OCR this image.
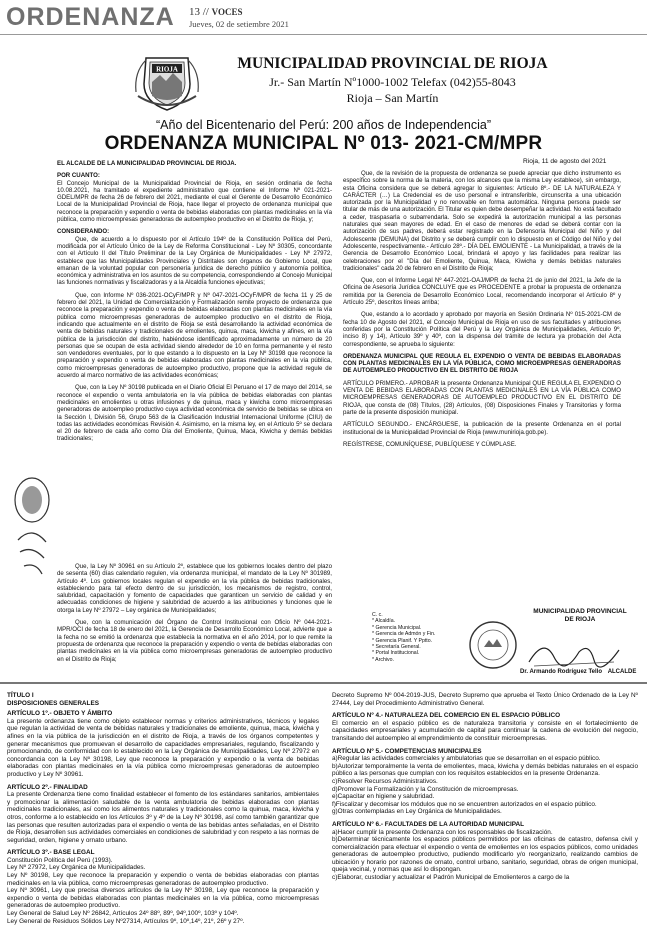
ORDENANZA 13 // VOCES
Jueves, 02 de setiembre 2021
RIOJA	MUNICIPALIDAD PROVINCIAL DE RIOJA
Jr.- San Martín Nº1000-1002 Telefax (042)55-8043
Rioja – San Martín
“Año del Bicentenario del Perú: 200 años de Independencia”
ORDENANZA MUNICIPAL Nº 013- 2021-CM/MPR
Rioja, 11 de agosto del 2021

EL ALCALDE DE LA MUNICIPALIDAD PROVINCIAL DE RIOJA.

POR CUANTO:

El Concejo Municipal de la Municipalidad Provincial de Rioja, en sesión ordinaria de fecha 10.08.2021, ha tramitado el expediente administrativo que contiene el Informe Nº 021-2021-GDEL/MPR de fecha 26 de febrero del 2021, mediante el cual el Gerente de Desarrollo Económico Local de la Municipalidad Provincial de Rioja, hace llegar el proyecto de ordenanza municipal que reconoce la preparación y expendio o venta de bebidas elaboradas con plantas medicinales en la vía pública, como microempresas generadoras de autoempleo productivo en el Distrito de Rioja, y;

CONSIDERANDO:

Que, de acuerdo a lo dispuesto por el Artículo 194º de la Constitución Política del Perú, modificada por el Artículo Único de la Ley de Reforma Constitucional - Ley Nº 30305, concordante con el Artículo II del Título Preliminar de la Ley Orgánica de Municipalidades - Ley Nº 27972, establece que las Municipalidades Provinciales y Distritales son órganos de Gobierno Local, que emanan de la voluntad popular con personería jurídica de derecho público y autonomía política, económica y administrativa en los asuntos de su competencia, correspondiendo al Concejo Municipal las funciones normativas y fiscalizadoras y a la Alcaldía funciones ejecutivas;

Que, con Informe Nº 036-2021-OCyF/MPR y Nº 047-2021-OCyF/MPR de fecha 11 y 25 de febrero del 2021, la Unidad de Comercialización y Formalización remite proyecto de ordenanza que reconoce la preparación y expendio o venta de bebidas elaboradas con plantas medicinales en la vía pública como microempresas generadoras de autoempleo productivo en el distrito de Rioja, indicando que actualmente en el distrito de Rioja se está desarrollando la actividad económica de venta de bebidas naturales y tradicionales de emolientes, quinua, maca, kiwicha y afines, en la vía pública de la jurisdicción del distrito, habiéndose identificado aproximadamente un número de 20 personas que se ocupan de esta actividad siendo alrededor de 10 en forma permanente y el resto son vendedores eventuales, por lo que estando a lo dispuesto en la Ley Nº 30198 que reconoce la preparación y expendio o venta de bebidas elaboradas con plantas medicinales en la vía pública, como microempresas generadoras de autoempleo productivo, propone que la actividad regule de acuerdo al marco normativo de las actividades económicas;

Que, con la Ley Nº 30198 publicada en el Diario Oficial El Peruano el 17 de mayo del 2014, se reconoce el expendio o venta ambulatoria en la vía pública de bebidas elaboradas con plantas medicinales en emolientes u otras infusiones y de quinua, maca y kiwicha como microempresas generadoras de autoempleo productivo cuya actividad económica de servicio de bebidas se ubica en la Sección I, División 56, Grupo 563 de la Clasificación Industrial Internacional Uniforme (CIIU) de todas las actividades económicas Revisión 4. Asimismo, en la misma ley, en el Artículo 5º se declara el 20 de febrero de cada año como Día del Emoliente, Quinua, Maca, Kiwicha y demás bebidas tradicionales;

Que, la Ley Nº 30961 en su Artículo 2º, establece que los gobiernos locales dentro del plazo de sesenta (60) días calendario regulen, vía ordenanza municipal, el mandato de la Ley Nº 301989, Artículo 4º. Los gobiernos locales regulan el expendio en la vía pública de bebidas tradicionales, estableciendo para tal efecto dentro de su jurisdicción, los mecanismos de registro, control, salubridad, capacitación y fomento de capacidades que garanticen un servicio de calidad y en adecuadas condiciones de higiene y salubridad de acuerdo a las atribuciones y funciones que le otorga la Ley Nº 27972 – Ley orgánica de Municipalidades;

Que, con la comunicación del Órgano de Control Institucional con Oficio Nº 044-2021-MPR/OCI de fecha 18 de enero del 2021, la Gerencia de Desarrollo Económico Local, advierte que a la fecha no se emitió la ordenanza que establecía la normativa en el año 2014, por lo que remite la propuesta de ordenanza que reconoce la preparación y expendio o venta de bebidas elaboradas con plantas medicinales en la vía pública como microempresas generadoras de autoempleo productivo en el Distrito de Rioja;

Que, de la revisión de la propuesta de ordenanza se puede apreciar que dicho instrumento es específico sobre la norma de la materia, con los alcances que la misma Ley establece), sin embargo, esta Oficina considera que se deberá agregar lo siguientes: Artículo 8º.- DE LA NATURALEZA Y CARÁCTER (…) La Credencial es de uso personal e intransferible, circunscrita a una ubicación autorizada por la Municipalidad y no renovable en forma automática. Ninguna persona puede ser titular de más de una autorización. El Titular es quien debe desempeñar la actividad. No está facultado a ceder, traspasarla o subarrendarla. Solo se expedirá la autorización municipal a las personas naturales que sean mayores de edad. En el caso de menores de edad se deberá contar con la autorización de sus padres, deberá estar registrado en la Defensoría Municipal del Niño y del Adolescente (DEMUNA) del Distrito y se deberá cumplir con lo dispuesto en el Código del Niño y del Adolescente, respectivamente.- Artículo 28º.- DÍA DEL EMOLIENTE - La Municipalidad, a través de la Gerencia de Desarrollo Económico Local, brindará el apoyo y las facilidades para realizar las celebraciones por el "Día del Emoliente, Quinua, Maca, Kiwicha y demás bebidas naturales tradicionales" cada 20 de febrero en el Distrito de Rioja;

Que, con el Informe Legal Nº 447-2021-OAJ/MPR de fecha 21 de junio del 2021, la Jefe de la Oficina de Asesoría Jurídica CONCLUYE que es PROCEDENTE a probar la propuesta de ordenanza remitida por la Gerencia de Desarrollo Económico Local, recomendando incorporar el Artículo 8º y Artículo 25º, descritos líneas arriba;

Que, estando a lo acordado y aprobado por mayoría en Sesión Ordinaria Nº 015-2021-CM de fecha 10 de Agosto del 2021, el Concejo Municipal de Rioja en uso de sus facultades y atribuciones conferidas por la Constitución Política del Perú y la Ley Orgánica de Municipalidades, Artículo 9º, inciso 8) y 14), Artículo 39º y 40º, con la dispensa del trámite de lectura ya probación del Acta correspondiente, se aprueba lo siguiente:

ORDENANZA MUNICIPAL QUE REGULA EL EXPENDIO O VENTA DE BEBIDAS ELABORADAS CON PLANTAS MEDICINALES EN LA VÍA PÚBLICA, COMO MICROEMPRESAS GENERADORAS DE AUTOEMPLEO PRODUCTIVO EN EL DISTRITO DE RIOJA

ARTÍCULO PRIMERO.- APROBAR la presente Ordenanza Municipal QUE REGULA EL EXPENDIO O VENTA DE BEBIDAS ELABORADAS CON PLANTAS MEDICINALES EN LA VÍA PÚBLICA COMO MICROEMPRESAS GENERADORAS DE AUTOEMPLEO PRODUCTIVO EN EL DISTRITO DE RIOJA, que consta de (08) Títulos, (28) Artículos, (08) Disposiciones Finales y Transitorias y forma parte de la presente disposición municipal.

ARTÍCULO SEGUNDO.- ENCÁRGUESE, la publicación de la presente Ordenanza en el portal institucional de la Municipalidad Provincial de Rioja (www.munirioja.gob.pe).

REGÍSTRESE, COMUNÍQUESE, PUBLÍQUESE Y CÚMPLASE.

C. c.
* Alcaldía.
* Gerencia Municipal.
* Gerencia de Admón y Fin.
* Gerencia Planif. Y Pptto.
* Secretaría General.
* Portal Institucional.
* Archivo.
MUNICIPALIDAD PROVINCIAL
DE RIOJA
Dr. Armando Rodríguez Tello ALCALDE

TÍTULO I

DISPOSICIONES GENERALES

ARTÍCULO 1º.- OBJETO Y ÁMBITO

La presente ordenanza tiene como objeto establecer normas y criterios administrativos, técnicos y legales que regulan la actividad de venta de bebidas naturales y tradicionales de emoliente, quinua, maca, kiwicha y afines en la vía pública de la jurisdicción en el distrito de Rioja, a través de los órganos competentes y generar mecanismos que promuevan el desarrollo de capacidades empresariales, regulando, fiscalizando y promocionando, de conformidad con lo establecido en la Ley Orgánica de Municipalidades, Ley Nº 27972 en concordancia con la Ley Nº 30198, Ley que reconoce la preparación y expendio o la venta de bebidas elaboradas con plantas medicinales en la vía pública como microempresas generadoras de autoempleo productivo y Ley Nº 30961.

ARTÍCULO 2º.- FINALIDAD

La presente Ordenanza tiene como finalidad establecer el fomento de los estándares sanitarios, ambientales y promocionar la alimentación saludable de la venta ambulatoria de bebidas elaboradas con plantas medicinales tradicionales, así como los alimentos naturales y tradicionales como la quinua, maca, kiwicha y otros, conforme a lo establecido en los Artículos 3º y 4º de la Ley Nº 30198, así como también garantizar que las personas que resulten autorizadas para el expendio o venta de las bebidas antes señaladas, en el Distrito de Rioja, desarrollen sus actividades comerciales en condiciones de salubridad y con respeto a las normas de seguridad, orden, higiene y ornato urbano.

ARTÍCULO 3º.- BASE LEGAL

Constitución Política del Perú (1993).
Ley Nº 27972, Ley Orgánica de Municipalidades.
Ley Nº 30198, Ley que reconoce la preparación y expendio o venta de bebidas elaboradas con plantas medicinales en la vía pública, como microempresas generadoras de autoempleo productivo.
Ley Nº 30961, Ley que precisa diversos artículos de la Ley Nº 30198, Ley que reconoce la preparación y expendio o venta de bebidas elaboradas con plantas medicinales en la vía pública, como microempresas generadoras de autoempleo productivo.
Ley General de Salud Ley Nº 26842, Artículos 24º 88º, 89º, 94º,100º, 103º y 104º.
Ley General de Residuos Sólidos Ley Nº27314, Artículos 9º, 10º,14º, 21º, 26º y 27º.

Decreto Supremo Nº 004-2019-JUS, Decreto Supremo que aprueba el Texto Único Ordenado de la Ley Nº 27444, Ley del Procedimiento Administrativo General.

ARTÍCULO Nº 4.- NATURALEZA DEL COMERCIO EN EL ESPACIO PÚBLICO

El comercio en el espacio público es de naturaleza transitoria y consiste en el fortalecimiento de capacidades empresariales y acumulación de capital para continuar la cadena de evolución del negocio, transitando del autoempleo al emprendimiento de constituir microempresas.

ARTÍCULO Nº 5.- COMPETENCIAS MUNICIPALES

a)Regular las actividades comerciales y ambulatorias que se desarrollan en el espacio público.
b)Autorizar temporalmente la venta de emolientes, maca, kiwicha y demás bebidas naturales en el espacio público a las personas que cumplan con los requisitos establecidos en la presente Ordenanza.
c)Resolver Recursos Administrativos.
d)Promover la Formalización y la Constitución de microempresas.
e)Capacitar en higiene y salubridad.
f)Fiscalizar y decomisar los módulos que no se encuentren autorizados en el espacio público.
g)Otras contempladas en Ley Orgánica de Municipalidades.

ARTÍCULO Nº 6.- FACULTADES DE LA AUTORIDAD MUNICIPAL

a)Hacer cumplir la presente Ordenanza con los responsables de fiscalización.
b)Determinar técnicamente los espacios públicos permitidos por las oficinas de catastro, defensa civil y comercialización para efectuar el expendio o venta de emolientes en los espacios públicos, como unidades generadoras de autoempleo productivo, pudiendo modificarlo y/o reorganizarlo, realizando cambios de ubicación y horario por razones de ornato, control urbano, sanitario, seguridad, obras de origen municipal, queja vecinal, y normas que así lo dispongan.
c)Elaborar, custodiar y actualizar el Padrón Municipal de Emolienteros a cargo de la
